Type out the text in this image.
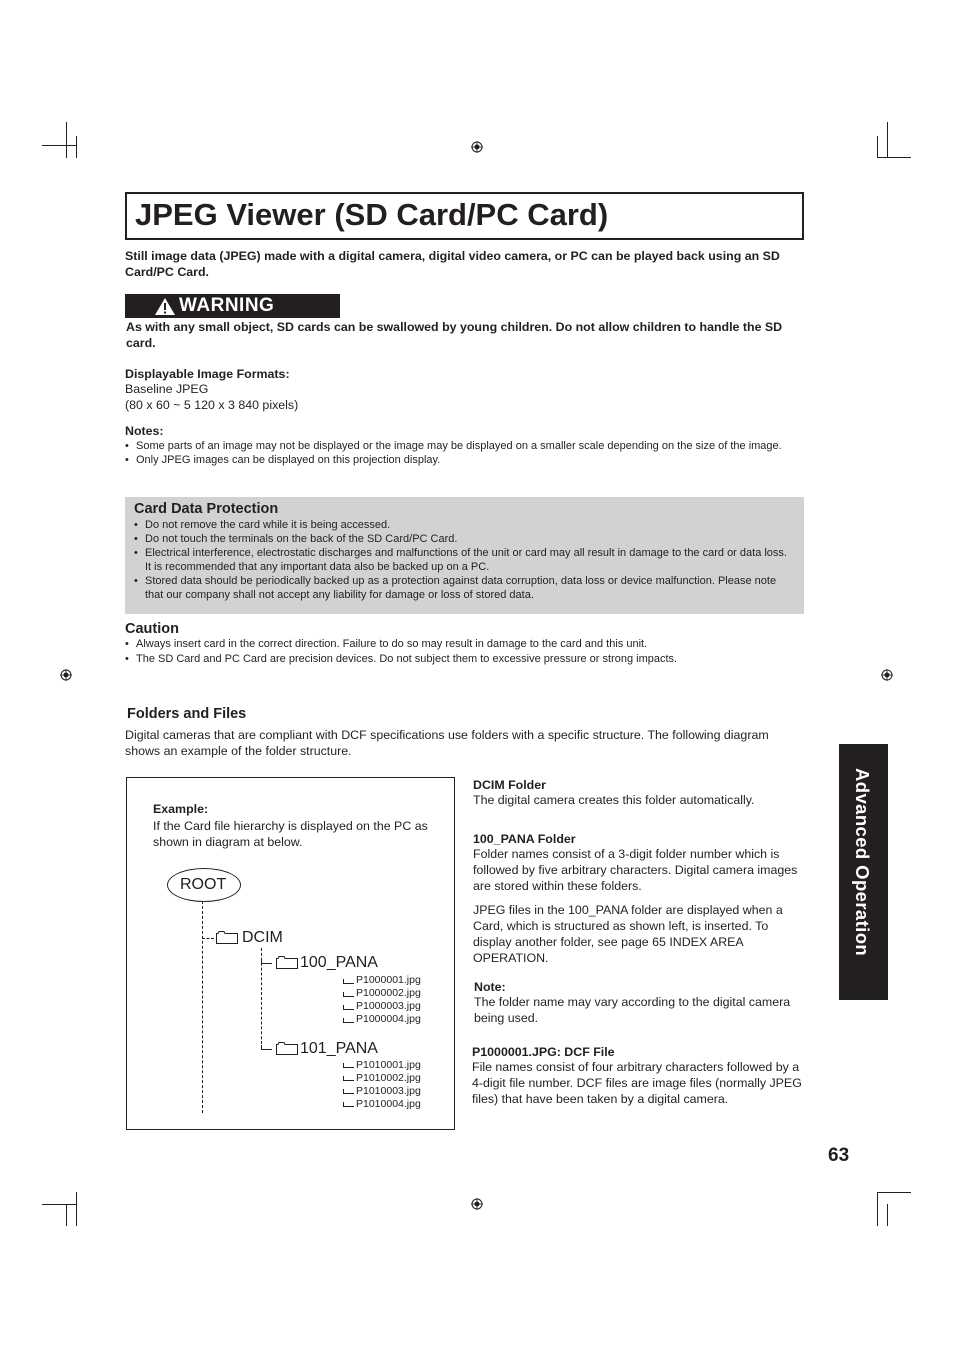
JPEG Viewer (SD Card/PC Card)
Still image data (JPEG) made with a digital camera, digital video camera, or PC can be played back using an SD Card/PC Card.
WARNING
As with any small object, SD cards can be swallowed by young children. Do not allow children to handle the SD card.
Displayable Image Formats:
Baseline JPEG
(80 x 60 ~ 5 120 x 3 840 pixels)
Notes:
• Some parts of an image may not be displayed or the image may be displayed on a smaller scale depending on the size of the image.
• Only JPEG images can be displayed on this projection display.
Card Data Protection
• Do not remove the card while it is being accessed.
• Do not touch the terminals on the back of the SD Card/PC Card.
• Electrical interference, electrostatic discharges and malfunctions of the unit or card may all result in damage to the card or data loss. It is recommended that any important data also be backed up on a PC.
• Stored data should be periodically backed up as a protection against data corruption, data loss or device malfunction. Please note that our company shall not accept any liability for damage or loss of stored data.
Caution
• Always insert card in the correct direction. Failure to do so may result in damage to the card and this unit.
• The SD Card and PC Card are precision devices. Do not subject them to excessive pressure or strong impacts.
Folders and Files
Digital cameras that are compliant with DCF specifications use folders with a specific structure. The following diagram shows an example of the folder structure.
Advanced Operation
Example:
If the Card file hierarchy is displayed on the PC as shown in diagram at below.
ROOT
DCIM
100_PANA
101_PANA
P1000001.jpg
P1000002.jpg
P1000003.jpg
P1000004.jpg
P1010001.jpg
P1010002.jpg
P1010003.jpg
P1010004.jpg
DCIM Folder
The digital camera creates this folder automatically.
100_PANA Folder
Folder names consist of a 3-digit folder number which is followed by five arbitrary characters. Digital camera images are stored within these folders.
JPEG files in the 100_PANA folder are displayed when a Card, which is structured as shown left, is inserted. To display another folder, see page 65 INDEX AREA OPERATION.
Note:
The folder name may vary according to the digital camera being used.
P1000001.JPG: DCF File
File names consist of four arbitrary characters followed by a 4-digit file number. DCF files are image files (normally JPEG files) that have been taken by a digital camera.
63
